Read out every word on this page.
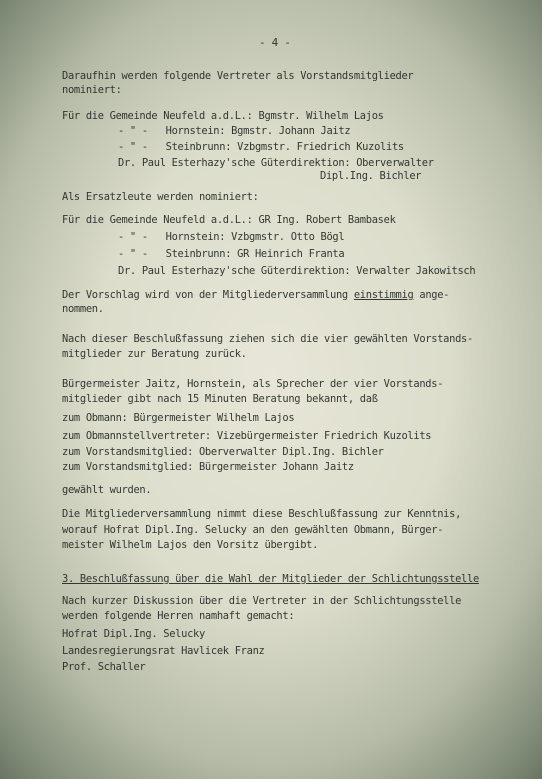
- 4 -
Daraufhin werden folgende Vertreter als Vorstandsmitglieder
nominiert:
Für die Gemeinde Neufeld a.d.L.: Bgmstr. Wilhelm Lajos
- " -   Hornstein: Bgmstr. Johann Jaitz
- " -   Steinbrunn: Vzbgmstr. Friedrich Kuzolits
Dr. Paul Esterhazy'sche Güterdirektion: Oberverwalter
Dipl.Ing. Bichler
Als Ersatzleute werden nominiert:
Für die Gemeinde Neufeld a.d.L.: GR Ing. Robert Bambasek
- " -   Hornstein: Vzbgmstr. Otto Bögl
- " -   Steinbrunn: GR Heinrich Franta
Dr. Paul Esterhazy'sche Güterdirektion: Verwalter Jakowitsch
Der Vorschlag wird von der Mitgliederversammlung einstimmig ange-
nommen.
Nach dieser Beschlußfassung ziehen sich die vier gewählten Vorstands-
mitglieder zur Beratung zurück.
Bürgermeister Jaitz, Hornstein, als Sprecher der vier Vorstands-
mitglieder gibt nach 15 Minuten Beratung bekannt, daß
zum Obmann: Bürgermeister Wilhelm Lajos
zum Obmannstellvertreter: Vizebürgermeister Friedrich Kuzolits
zum Vorstandsmitglied: Oberverwalter Dipl.Ing. Bichler
zum Vorstandsmitglied: Bürgermeister Johann Jaitz
gewählt wurden.
Die Mitgliederversammlung nimmt diese Beschlußfassung zur Kenntnis,
worauf Hofrat Dipl.Ing. Selucky an den gewählten Obmann, Bürger-
meister Wilhelm Lajos den Vorsitz übergibt.
3. Beschlußfassung über die Wahl der Mitglieder der Schlichtungsstelle
Nach kurzer Diskussion über die Vertreter in der Schlichtungsstelle
werden folgende Herren namhaft gemacht:
Hofrat Dipl.Ing. Selucky
Landesregierungsrat Havlicek Franz
Prof. Schaller
